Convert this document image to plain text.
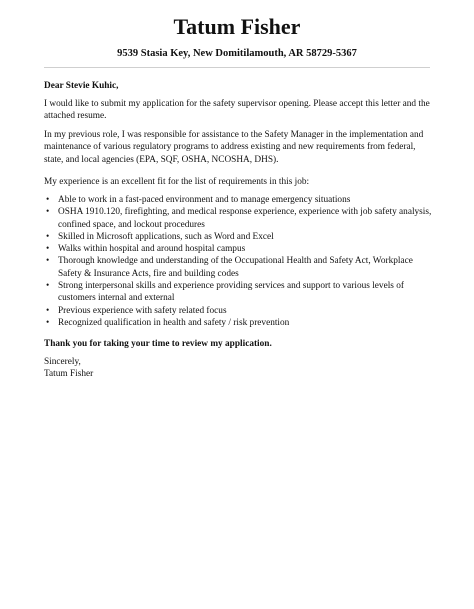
Tatum Fisher
9539 Stasia Key, New Domitilamouth, AR 58729-5367

Dear Stevie Kuhic,

I would like to submit my application for the safety supervisor opening. Please accept this letter and the attached resume.

In my previous role, I was responsible for assistance to the Safety Manager in the implementation and maintenance of various regulatory programs to address existing and new requirements from federal, state, and local agencies (EPA, SQF, OSHA, NCOSHA, DHS).

My experience is an excellent fit for the list of requirements in this job:

• Able to work in a fast-paced environment and to manage emergency situations
• OSHA 1910.120, firefighting, and medical response experience, experience with job safety analysis, confined space, and lockout procedures
• Skilled in Microsoft applications, such as Word and Excel
• Walks within hospital and around hospital campus
• Thorough knowledge and understanding of the Occupational Health and Safety Act, Workplace Safety & Insurance Acts, fire and building codes
• Strong interpersonal skills and experience providing services and support to various levels of customers internal and external
• Previous experience with safety related focus
• Recognized qualification in health and safety / risk prevention

Thank you for taking your time to review my application.

Sincerely,

Tatum Fisher
